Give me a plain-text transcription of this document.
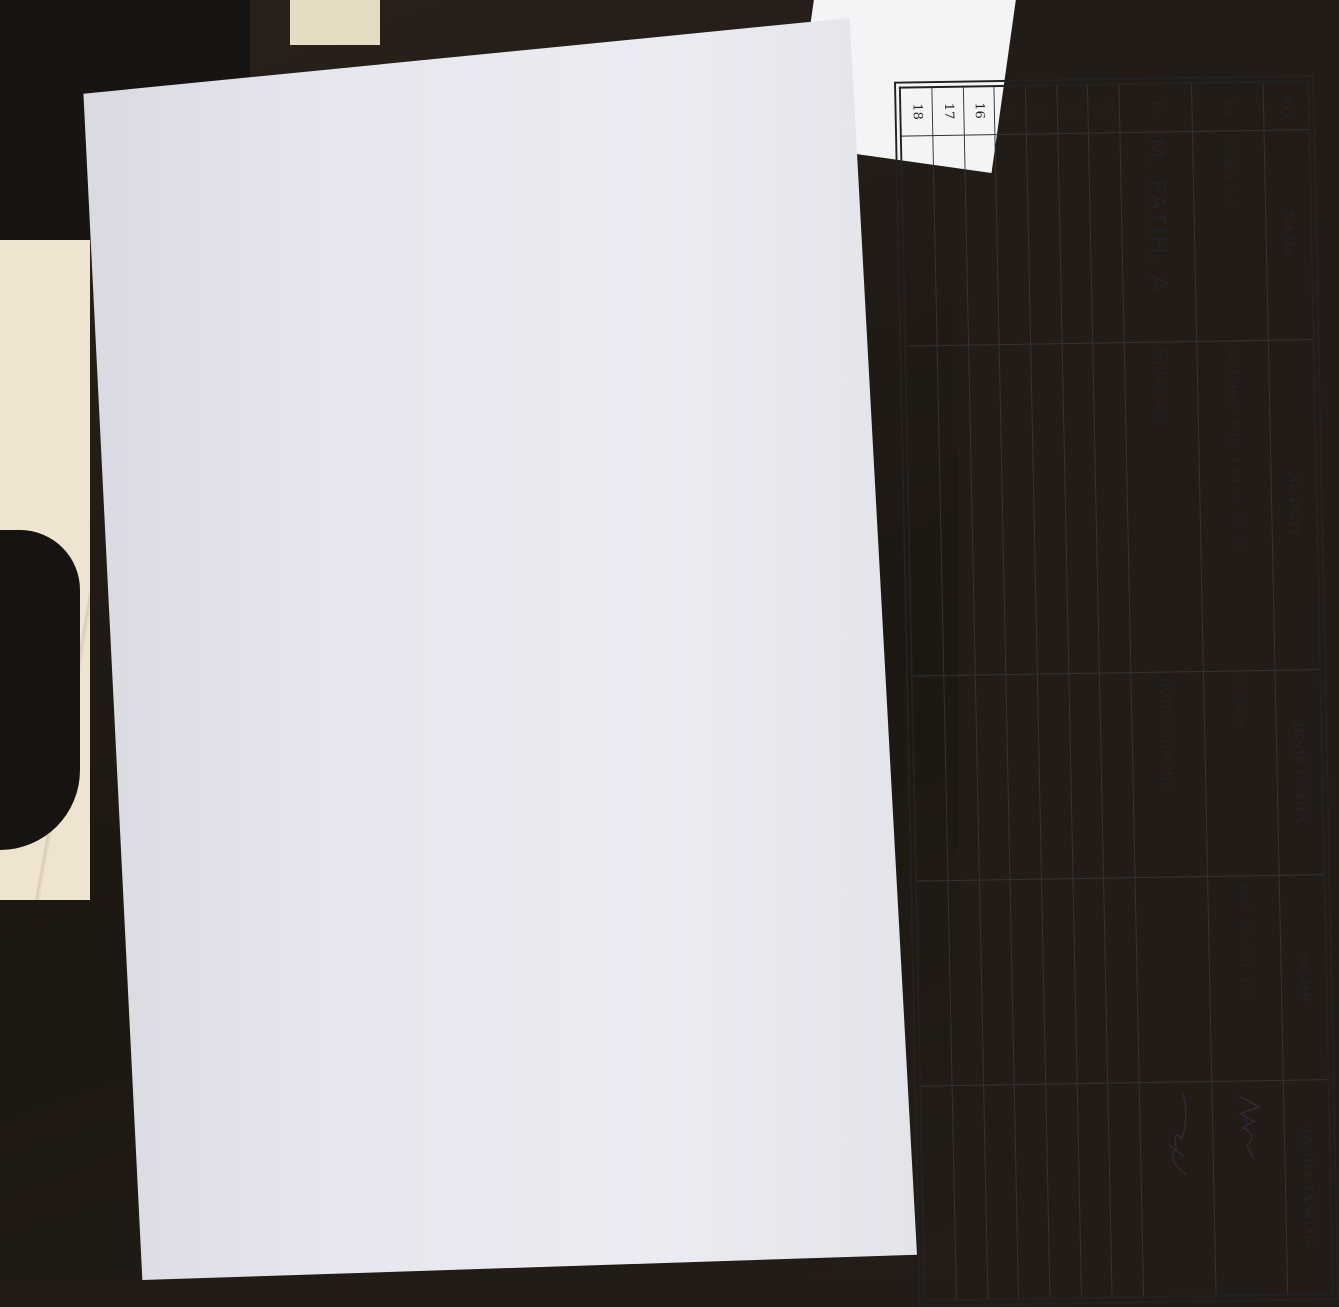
NO	NAMA	ALAMAT	JENIS USAHA	NO.HP	TANDA TANGAN
10	FRANKY A.A	SUKAMANAH 4 NO 4 RT 02 RW 02	KULINER	0805 365 231 117	

11	M. FATIH. A	Sukasari	ikan Cupang		

12					
13					
14					
15					
16					
17					
18					
